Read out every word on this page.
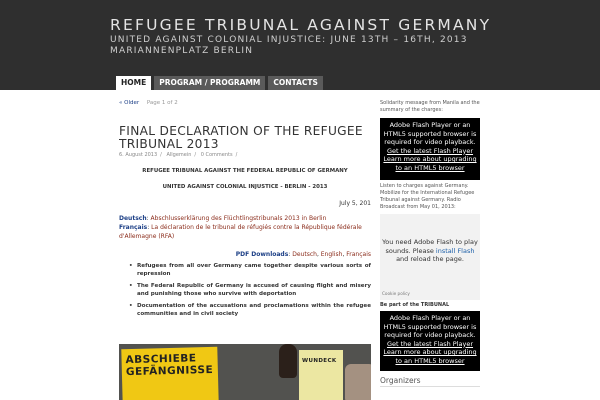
REFUGEE TRIBUNAL AGAINST GERMANY
UNITED AGAINST COLONIAL INJUSTICE: JUNE 13TH – 16TH, 2013 MARIANNENPLATZ BERLIN
HOME	PROGRAM / PROGRAMM	CONTACTS
« Older Page 1 of 2
FINAL DECLARATION OF THE REFUGEE TRIBUNAL 2013
6. August 2013 / Allgemein / 0 Comments /
REFUGEE TRIBUNAL AGAINST THE FEDERAL REPUBLIC OF GERMANY
UNITED AGAINST COLONIAL INJUSTICE - BERLIN - 2013
July 5, 201
Deutsch: Abschlusserklärung des Flüchtlingstribunals 2013 in Berlin
Français: La déclaration de le tribunal de réfugiés contre la République fédérale d'Allemagne (RFA)
PDF Downloads: Deutsch, English, Français
• Refugees from all over Germany came together despite various sorts of repression
• The Federal Republic of Germany is accused of causing flight and misery and punishing those who survive with deportation
• Documentation of the accusations and proclamations within the refugee communities and in civil society
ABSCHIEBE GEFÄNGNISSE
WUNDECK
Solidarity message from Manila and the summary of the charges:
Adobe Flash Player or an HTML5 supported browser is required for video playback.
Get the latest Flash Player
Learn more about upgrading to an HTML5 browser
Listen to charges against Germany. Mobilize for the International Refugee Tribunal against Germany. Radio Broadcast from May 01, 2013:
You need Adobe Flash to play sounds. Please install Flash and reload the page.
Cookie policy
Be part of the TRIBUNAL
Adobe Flash Player or an HTML5 supported browser is required for video playback.
Get the latest Flash Player
Learn more about upgrading to an HTML5 browser
Organizers
